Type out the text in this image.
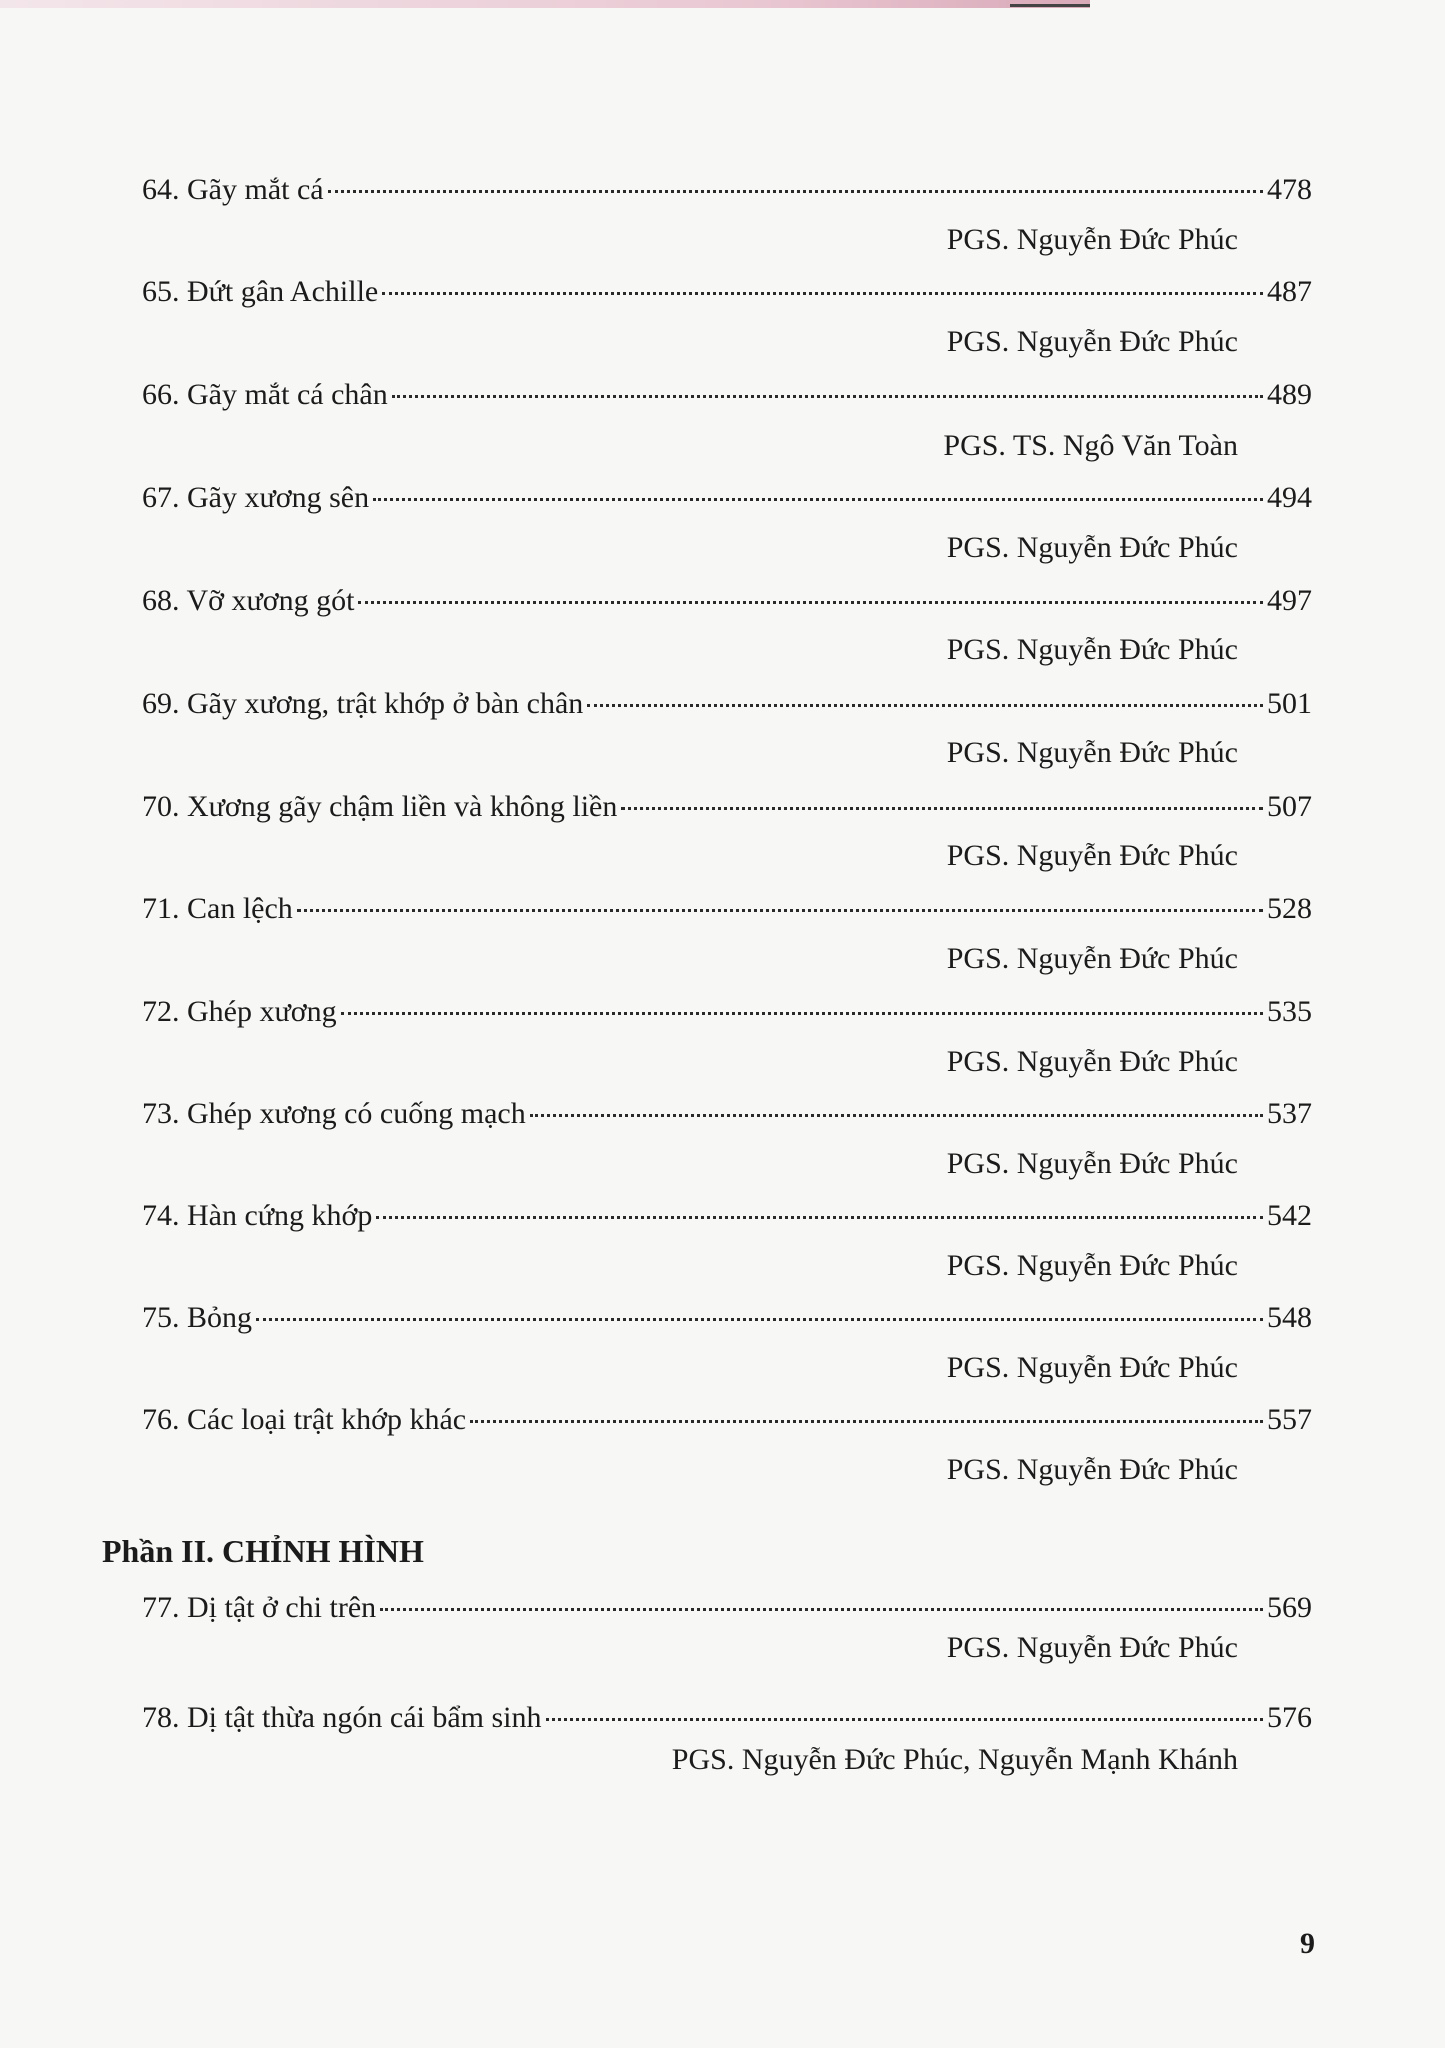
64. Gãy mắt cá	478
PGS. Nguyễn Đức Phúc
65. Đứt gân Achille	487
PGS. Nguyễn Đức Phúc
66. Gãy mắt cá chân	489
PGS. TS. Ngô Văn Toàn
67. Gãy xương sên	494
PGS. Nguyễn Đức Phúc
68. Vỡ xương gót	497
PGS. Nguyễn Đức Phúc
69. Gãy xương, trật khớp ở bàn chân	501
PGS. Nguyễn Đức Phúc
70. Xương gãy chậm liền và không liền	507
PGS. Nguyễn Đức Phúc
71. Can lệch	528
PGS. Nguyễn Đức Phúc
72. Ghép xương	535
PGS. Nguyễn Đức Phúc
73. Ghép xương có cuống mạch	537
PGS. Nguyễn Đức Phúc
74. Hàn cứng khớp	542
PGS. Nguyễn Đức Phúc
75. Bỏng	548
PGS. Nguyễn Đức Phúc
76. Các loại trật khớp khác	557
PGS. Nguyễn Đức Phúc
Phần II. CHỈNH HÌNH
77. Dị tật ở chi trên	569
PGS. Nguyễn Đức Phúc
78. Dị tật thừa ngón cái bẩm sinh	576
PGS. Nguyễn Đức Phúc, Nguyễn Mạnh Khánh
9
